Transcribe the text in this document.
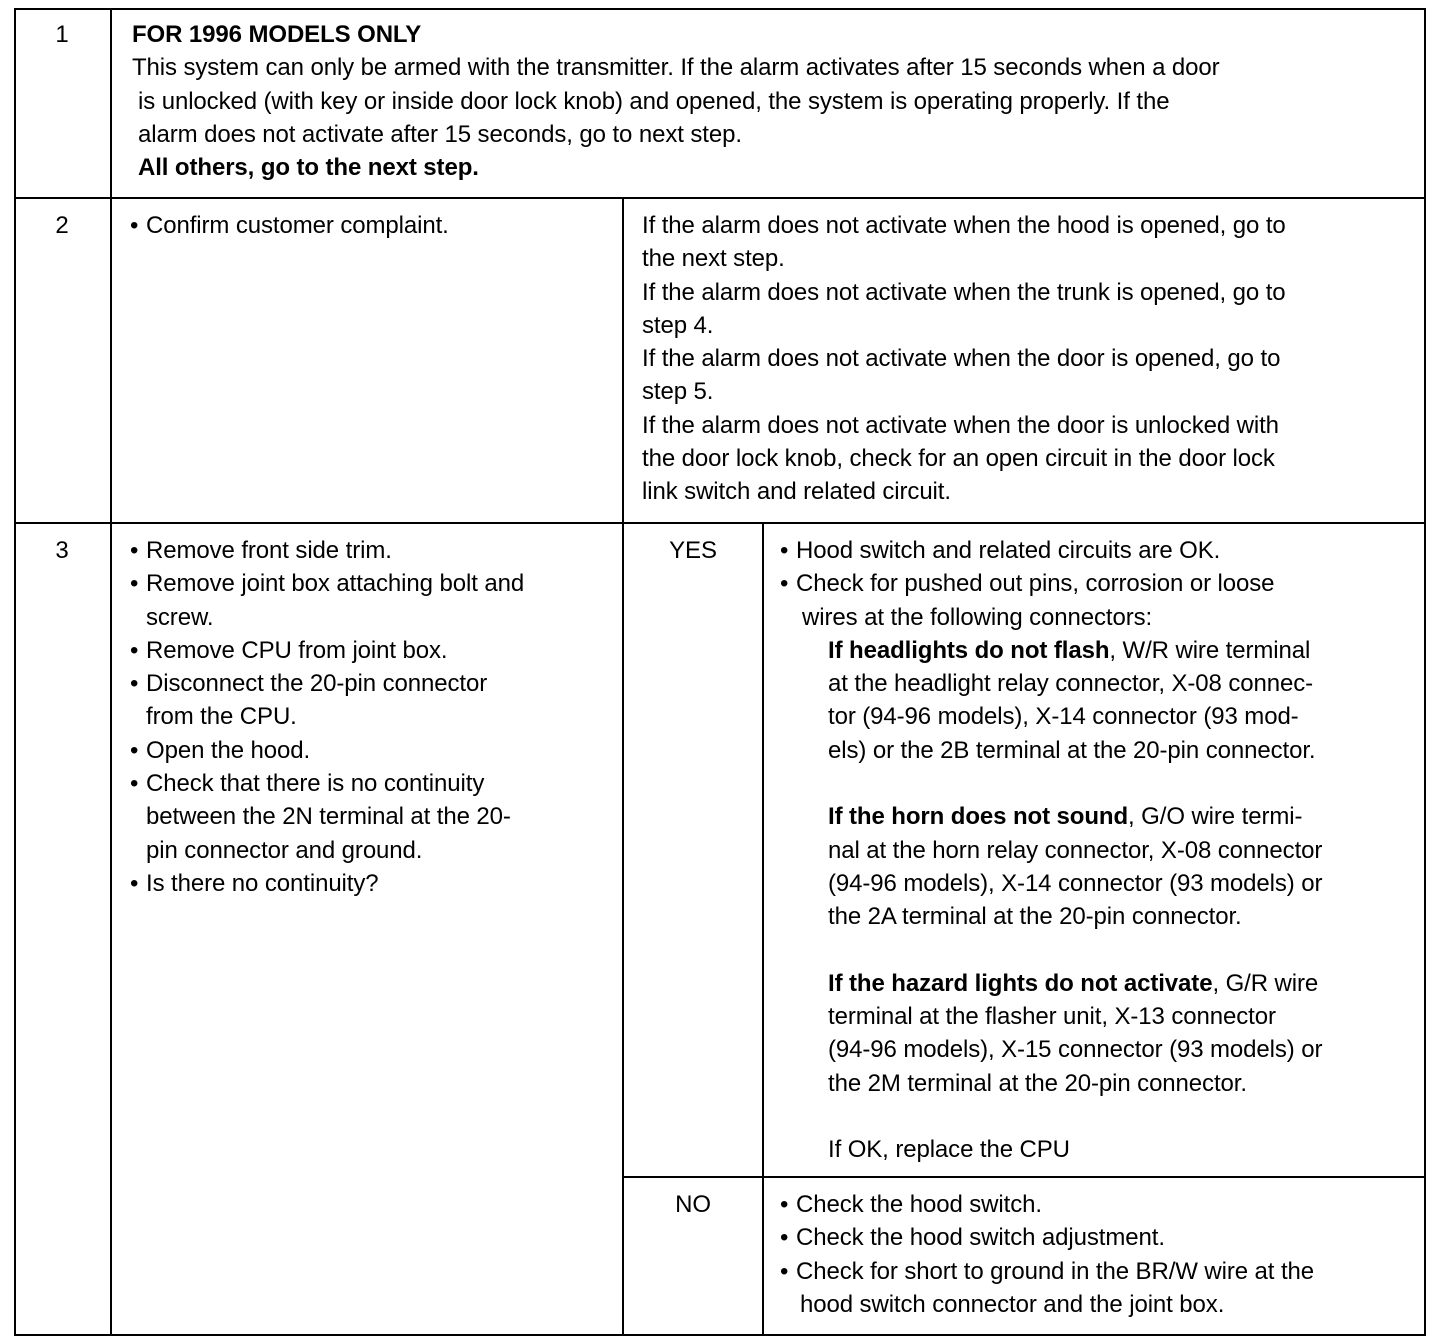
1	FOR 1996 MODELS ONLY
This system can only be armed with the transmitter. If the alarm activates after 15 seconds when a door
is unlocked (with key or inside door lock knob) and opened, the system is operating properly. If the
alarm does not activate after 15 seconds, go to next step.
All others, go to the next step.
2	• Confirm customer complaint.	If the alarm does not activate when the hood is opened, go to
the next step.
If the alarm does not activate when the trunk is opened, go to
step 4.
If the alarm does not activate when the door is opened, go to
step 5.
If the alarm does not activate when the door is unlocked with
the door lock knob, check for an open circuit in the door lock
link switch and related circuit.
3	• Remove front side trim.
• Remove joint box attaching bolt and
screw.
• Remove CPU from joint box.
• Disconnect the 20-pin connector
from the CPU.
• Open the hood.
• Check that there is no continuity
between the 2N terminal at the 20-
pin connector and ground.
• Is there no continuity?
YES	• Hood switch and related circuits are OK.
• Check for pushed out pins, corrosion or loose
wires at the following connectors:
If headlights do not flash, W/R wire terminal
at the headlight relay connector, X-08 connec-
tor (94-96 models), X-14 connector (93 mod-
els) or the 2B terminal at the 20-pin connector.
If the horn does not sound, G/O wire termi-
nal at the horn relay connector, X-08 connector
(94-96 models), X-14 connector (93 models) or
the 2A terminal at the 20-pin connector.
If the hazard lights do not activate, G/R wire
terminal at the flasher unit, X-13 connector
(94-96 models), X-15 connector (93 models) or
the 2M terminal at the 20-pin connector.
If OK, replace the CPU
NO	• Check the hood switch.
• Check the hood switch adjustment.
• Check for short to ground in the BR/W wire at the
hood switch connector and the joint box.
